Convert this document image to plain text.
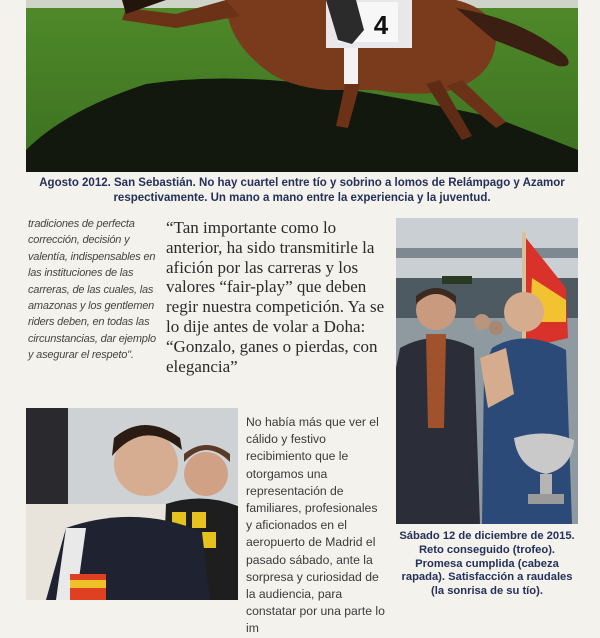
4
Agosto 2012. San Sebastián. No hay cuartel entre tío y sobrino a lomos de Relámpago y Azamor respectivamente. Un mano a mano entre la experiencia y la juventud.
tradiciones de perfecta corrección, decisión y valentía, indispensables en las instituciones de las carreras, de las cuales, las amazonas y los gentlemen riders deben, en todas las circunstancias, dar ejemplo y asegurar el respeto".
“Tan importante como lo anterior, ha sido transmitirle la afición por las carreras y los valores “fair-play” que deben regir nuestra competición. Ya se lo dije antes de volar a Doha: “Gonzalo, ganes o pierdas, con elegancia”
Sábado 12 de diciembre de 2015. Reto conseguido (trofeo). Promesa cumplida (cabeza rapada). Satisfacción a raudales (la sonrisa de su tío).
No había más que ver el cálido y festivo recibimiento que le otorgamos una representación de familiares, profesionales y aficionados en el aeropuerto de Madrid el pasado sábado, ante la sorpresa y curiosidad de la audiencia, para constatar por una parte lo im
